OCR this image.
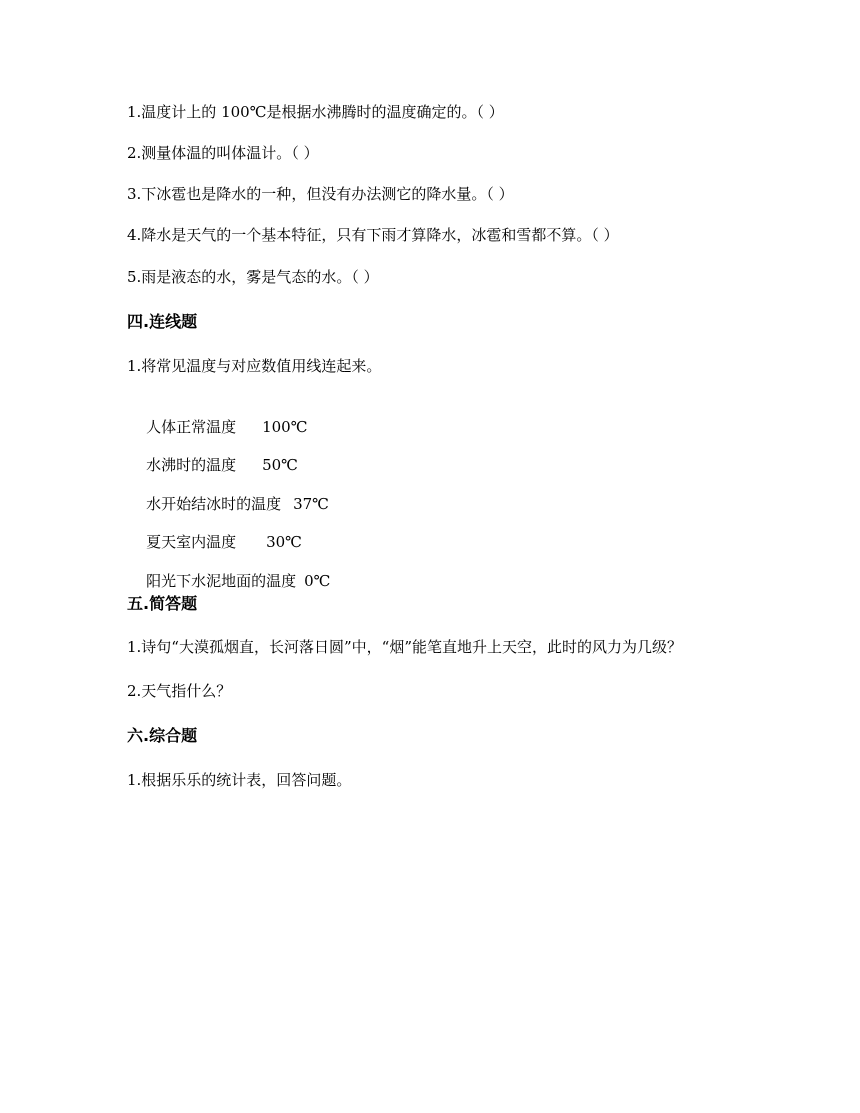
1.温度计上的 100℃是根据水沸腾时的温度确定的。（ ）
2.测量体温的叫体温计。（ ）
3.下冰雹也是降水的一种，但没有办法测它的降水量。（ ）
4.降水是天气的一个基本特征，只有下雨才算降水，冰雹和雪都不算。（ ）
5.雨是液态的水，雾是气态的水。（ ）
四.连线题
1.将常见温度与对应数值用线连起来。

人体正常温度 100℃

水沸时的温度 50℃

水开始结冰时的温度 37℃

夏天室内温度 30℃

阳光下水泥地面的温度 0℃

五.简答题
1.诗句“大漠孤烟直，长河落日圆”中，“烟”能笔直地升上天空，此时的风力为几级？
2.天气指什么？
六.综合题
1.根据乐乐的统计表，回答问题。
